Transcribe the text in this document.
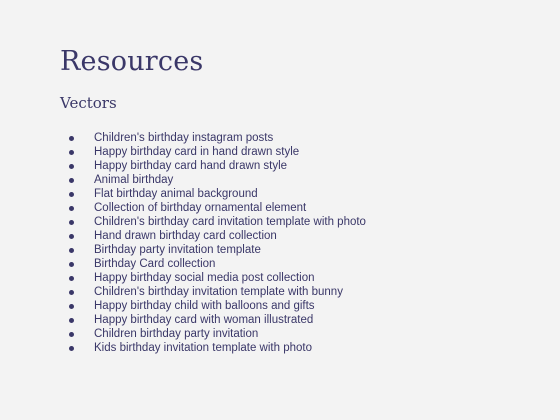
Resources
Vectors
Children's birthday instagram posts
Happy birthday card in hand drawn style
Happy birthday card hand drawn style
Animal birthday
Flat birthday animal background
Collection of birthday ornamental element
Children's birthday card invitation template with photo
Hand drawn birthday card collection
Birthday party invitation template
Birthday Card collection
Happy birthday social media post collection
Children's birthday invitation template with bunny
Happy birthday child with balloons and gifts
Happy birthday card with woman illustrated
Children birthday party invitation
Kids birthday invitation template with photo
